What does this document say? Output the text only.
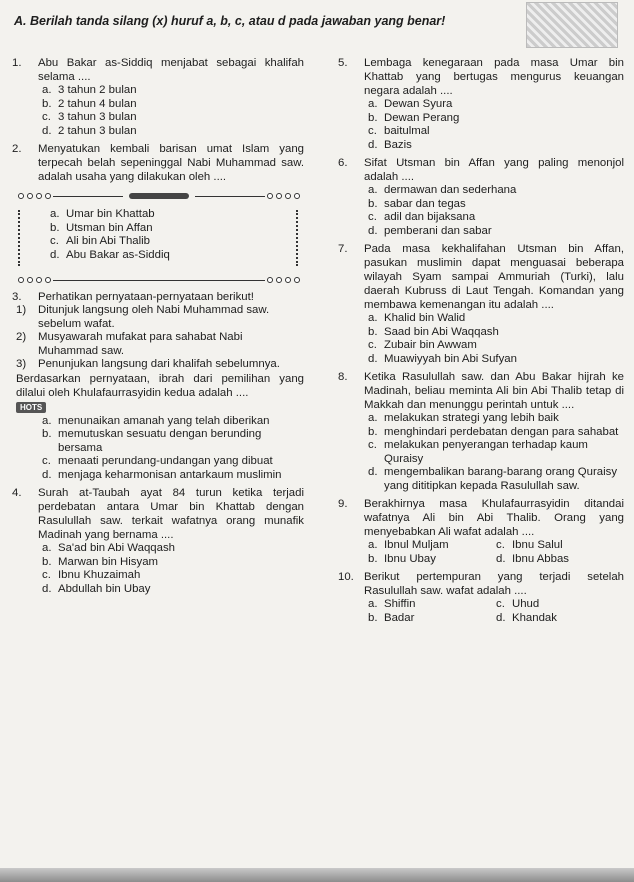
A. Berilah tanda silang (x) huruf a, b, c, atau d pada jawaban yang benar!
1.	Abu Bakar as-Siddiq menjabat sebagai khalifah selama ....
a. 3 tahun 2 bulan
b. 2 tahun 4 bulan
c. 3 tahun 3 bulan
d. 2 tahun 3 bulan
2.	Menyatukan kembali barisan umat Islam yang terpecah belah sepeninggal Nabi Muhammad saw. adalah usaha yang dilakukan oleh ....
a. Umar bin Khattab
b. Utsman bin Affan
c. Ali bin Abi Thalib
d. Abu Bakar as-Siddiq
3.	Perhatikan pernyataan-pernyataan berikut!
1)	Ditunjuk langsung oleh Nabi Muhammad saw. sebelum wafat.
2)	Musyawarah mufakat para sahabat Nabi Muhammad saw.
3)	Penunjukan langsung dari khalifah sebelumnya.
Berdasarkan pernyataan, ibrah dari pemilihan yang dilalui oleh Khulafaurrasyidin kedua adalah ....
HOTS
a. menunaikan amanah yang telah diberikan
b. memutuskan sesuatu dengan berunding bersama
c. menaati perundang-undangan yang dibuat
d. menjaga keharmonisan antarkaum muslimin
4.	Surah at-Taubah ayat 84 turun ketika terjadi perdebatan antara Umar bin Khattab dengan Rasulullah saw. terkait wafatnya orang munafik Madinah yang bernama ....
a. Sa'ad bin Abi Waqqash
b. Marwan bin Hisyam
c. Ibnu Khuzaimah
d. Abdullah bin Ubay
5.	Lembaga kenegaraan pada masa Umar bin Khattab yang bertugas mengurus keuangan negara adalah ....
a. Dewan Syura
b. Dewan Perang
c. baitulmal
d. Bazis
6.	Sifat Utsman bin Affan yang paling menonjol adalah ....
a. dermawan dan sederhana
b. sabar dan tegas
c. adil dan bijaksana
d. pemberani dan sabar
7.	Pada masa kekhalifahan Utsman bin Affan, pasukan muslimin dapat menguasai beberapa wilayah Syam sampai Ammuriah (Turki), lalu daerah Kubruss di Laut Tengah. Komandan yang membawa kemenangan itu adalah ....
a. Khalid bin Walid
b. Saad bin Abi Waqqash
c. Zubair bin Awwam
d. Muawiyyah bin Abi Sufyan
8.	Ketika Rasulullah saw. dan Abu Bakar hijrah ke Madinah, beliau meminta Ali bin Abi Thalib tetap di Makkah dan menunggu perintah untuk ....
a. melakukan strategi yang lebih baik
b. menghindari perdebatan dengan para sahabat
c. melakukan penyerangan terhadap kaum Quraisy
d. mengembalikan barang-barang orang Quraisy yang dititipkan kepada Rasulullah saw.
9.	Berakhirnya masa Khulafaurrasyidin ditandai wafatnya Ali bin Abi Thalib. Orang yang menyebabkan Ali wafat adalah ....
a. Ibnul Muljam	c. Ibnu Salul
b. Ibnu Ubay	d. Ibnu Abbas
10. Berikut pertempuran yang terjadi setelah Rasulullah saw. wafat adalah ....
a. Shiffin	c. Uhud
b. Badar	d. Khandak
